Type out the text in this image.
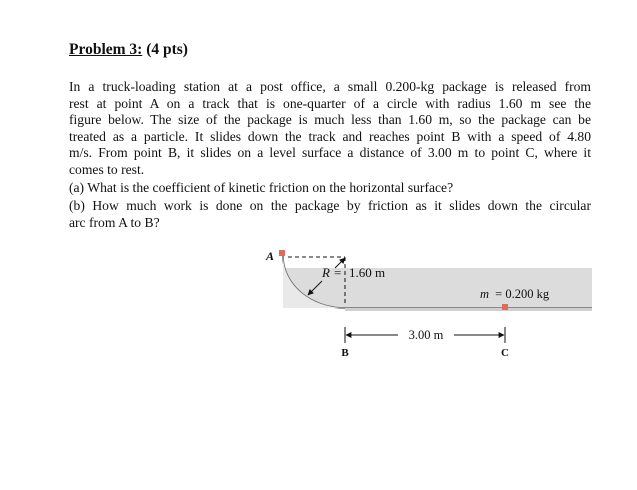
Problem 3: (4 pts)
In a truck-loading station at a post office, a small 0.200-kg package is released from
rest at point A on a track that is one-quarter of a circle with radius 1.60 m see the
figure below. The size of the package is much less than 1.60 m, so the package can be
treated as a particle. It slides down the track and reaches point B with a speed of 4.80
m/s. From point B, it slides on a level surface a distance of 3.00 m to point C, where it
comes to rest.
(a) What is the coefficient of kinetic friction on the horizontal surface?
(b) How much work is done on the package by friction as it slides down the circular
arc from A to B?
A
R = 1.60 m
m = 0.200 kg
3.00 m
B	C
